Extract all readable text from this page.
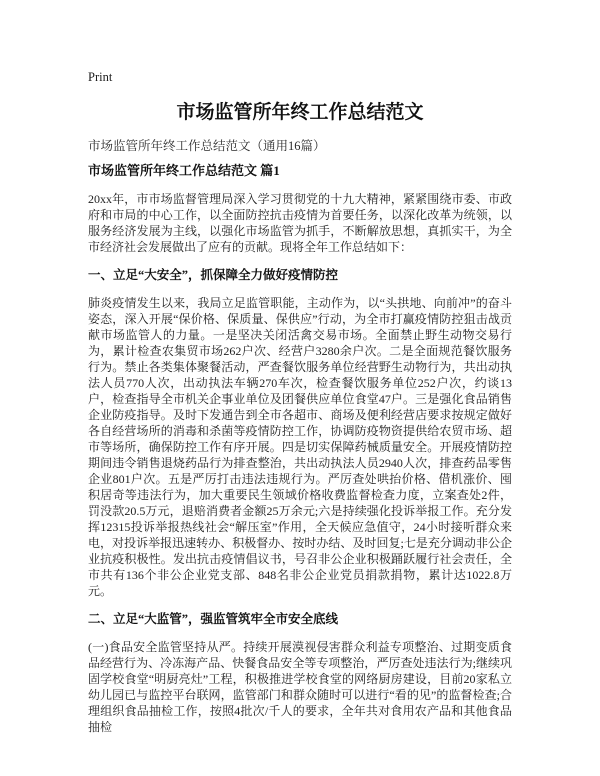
Print
市场监管所年终工作总结范文

市场监管所年终工作总结范文（通用16篇）

市场监管所年终工作总结范文 篇1

20xx年，市市场监督管理局深入学习贯彻党的十九大精神，紧紧围绕市委、市政府和市局的中心工作，以全面防控抗击疫情为首要任务，以深化改革为统领，以服务经济发展为主线，以强化市场监管为抓手，不断解放思想，真抓实干，为全市经济社会发展做出了应有的贡献。现将全年工作总结如下：

一、立足“大安全”，抓保障全力做好疫情防控

肺炎疫情发生以来，我局立足监管职能，主动作为，以“头拱地、向前冲”的奋斗姿态，深入开展“保价格、保质量、保供应”行动，为全市打赢疫情防控狙击战贡献市场监管人的力量。一是坚决关闭活禽交易市场。全面禁止野生动物交易行为，累计检查农集贸市场262户次、经营户3280余户次。二是全面规范餐饮服务行为。禁止各类集体聚餐活动，严查餐饮服务单位经营野生动物行为，共出动执法人员770人次，出动执法车辆270车次，检查餐饮服务单位252户次，约谈13户，检查指导全市机关企事业单位及团餐供应单位食堂47户。三是强化食品销售企业防疫指导。及时下发通告到全市各超市、商场及便利经营店要求按规定做好各自经营场所的消毒和杀菌等疫情防控工作，协调防疫物资提供给农贸市场、超市等场所，确保防控工作有序开展。四是切实保障药械质量安全。开展疫情防控期间违令销售退烧药品行为排查整治，共出动执法人员2940人次，排查药品零售企业801户次。五是严厉打击违法违规行为。严厉查处哄抬价格、借机涨价、囤积居奇等违法行为，加大重要民生领域价格收费监督检查力度，立案查处2件，罚没款20.5万元，退赔消费者金额25万余元;六是持续强化投诉举报工作。充分发挥12315投诉举报热线社会“解压室”作用，全天候应急值守，24小时接听群众来电，对投诉举报迅速转办、积极督办、按时办结、及时回复;七是充分调动非公企业抗疫积极性。发出抗击疫情倡议书，号召非公企业积极踊跃履行社会责任，全市共有136个非公企业党支部、848名非公企业党员捐款捐物，累计达1022.8万元。

二、立足“大监管”，强监管筑牢全市安全底线

(一)食品安全监管坚持从严。持续开展漠视侵害群众利益专项整治、过期变质食品经营行为、冷冻海产品、快餐食品安全等专项整治，严厉查处违法行为;继续巩固学校食堂“明厨亮灶”工程，积极推进学校食堂的网络厨房建设，目前20家私立幼儿园已与监控平台联网，监管部门和群众随时可以进行“看的见”的监督检查;合理组织食品抽检工作，按照4批次/千人的要求，全年共对食用农产品和其他食品抽检
